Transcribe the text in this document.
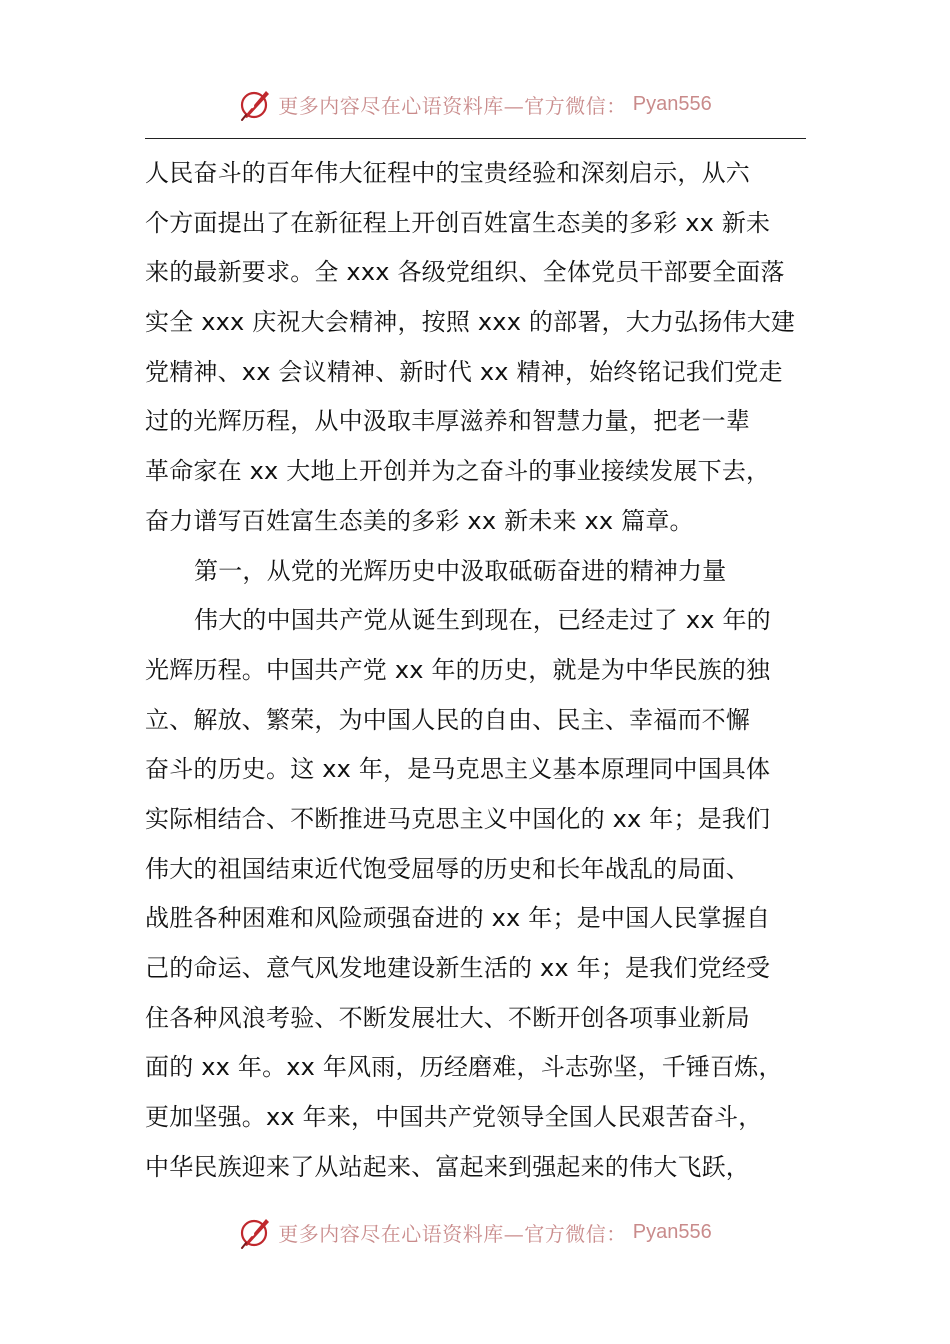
更多内容尽在心语资料库—官方微信： Pyan556
人民奋斗的百年伟大征程中的宝贵经验和深刻启示，从六
个方面提出了在新征程上开创百姓富生态美的多彩 xx 新未
来的最新要求。全 xxx 各级党组织、全体党员干部要全面落
实全 xxx 庆祝大会精神，按照 xxx 的部署，大力弘扬伟大建
党精神、xx 会议精神、新时代 xx 精神，始终铭记我们党走
过的光辉历程，从中汲取丰厚滋养和智慧力量，把老一辈
革命家在 xx 大地上开创并为之奋斗的事业接续发展下去，
奋力谱写百姓富生态美的多彩 xx 新未来 xx 篇章。
第一，从党的光辉历史中汲取砥砺奋进的精神力量
伟大的中国共产党从诞生到现在，已经走过了 xx 年的
光辉历程。中国共产党 xx 年的历史，就是为中华民族的独
立、解放、繁荣，为中国人民的自由、民主、幸福而不懈
奋斗的历史。这 xx 年，是马克思主义基本原理同中国具体
实际相结合、不断推进马克思主义中国化的 xx 年；是我们
伟大的祖国结束近代饱受屈辱的历史和长年战乱的局面、
战胜各种困难和风险顽强奋进的 xx 年；是中国人民掌握自
己的命运、意气风发地建设新生活的 xx 年；是我们党经受
住各种风浪考验、不断发展壮大、不断开创各项事业新局
面的 xx 年。xx 年风雨，历经磨难，斗志弥坚，千锤百炼，
更加坚强。xx 年来，中国共产党领导全国人民艰苦奋斗，
中华民族迎来了从站起来、富起来到强起来的伟大飞跃，
更多内容尽在心语资料库—官方微信： Pyan556
